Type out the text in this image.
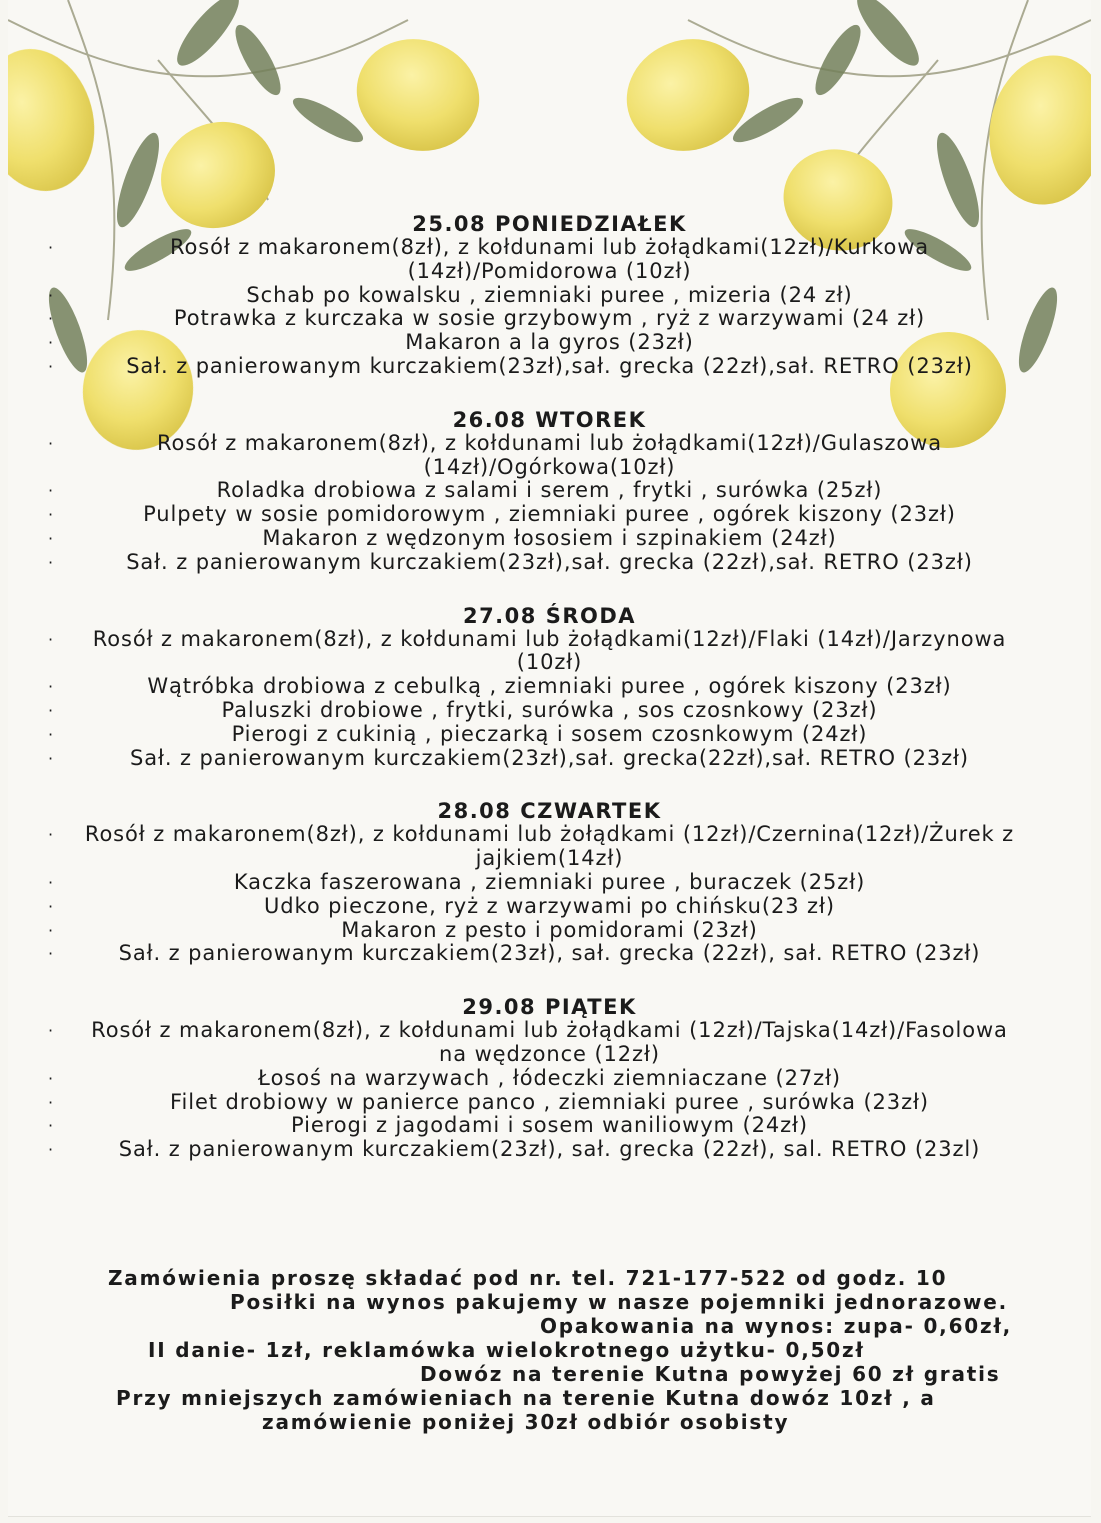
25.08 PONIEDZIAŁEK
·	Rosół z makaronem(8zł), z kołdunami lub żołądkami(12zł)/Kurkowa (14zł)/Pomidorowa (10zł)
·	Schab po kowalsku , ziemniaki puree , mizeria (24 zł)
·	Potrawka z kurczaka w sosie grzybowym , ryż z warzywami (24 zł)
·	Makaron a la gyros (23zł)
·	Sał. z panierowanym kurczakiem(23zł),sał. grecka (22zł),sał. RETRO (23zł)
26.08 WTOREK
·	Rosół z makaronem(8zł), z kołdunami lub żołądkami(12zł)/Gulaszowa (14zł)/Ogórkowa(10zł)
·	Roladka drobiowa z salami i serem , frytki , surówka (25zł)
·	Pulpety w sosie pomidorowym , ziemniaki puree , ogórek kiszony (23zł)
·	Makaron z wędzonym łososiem i szpinakiem (24zł)
·	Sał. z panierowanym kurczakiem(23zł),sał. grecka (22zł),sał. RETRO (23zł)
27.08 ŚRODA
· Rosół z makaronem(8zł), z kołdunami lub żołądkami(12zł)/Flaki (14zł)/Jarzynowa (10zł)
·	Wątróbka drobiowa z cebulką , ziemniaki puree , ogórek kiszony (23zł)
·	Paluszki drobiowe , frytki, surówka , sos czosnkowy (23zł)
·	Pierogi z cukinią , pieczarką i sosem czosnkowym (24zł)
·	Sał. z panierowanym kurczakiem(23zł),sał. grecka(22zł),sał. RETRO (23zł)
28.08 CZWARTEK
· Rosół z makaronem(8zł), z kołdunami lub żołądkami (12zł)/Czernina(12zł)/Żurek z jajkiem(14zł)
·	Kaczka faszerowana , ziemniaki puree , buraczek (25zł)
·	Udko pieczone, ryż z warzywami po chińsku(23 zł)
·	Makaron z pesto i pomidorami (23zł)
·	Sał. z panierowanym kurczakiem(23zł), sał. grecka (22zł), sał. RETRO (23zł)
29.08 PIĄTEK
· Rosół z makaronem(8zł), z kołdunami lub żołądkami (12zł)/Tajska(14zł)/Fasolowa na wędzonce (12zł)
·	Łosoś na warzywach , łódeczki ziemniaczane (27zł)
·	Filet drobiowy w panierce panco , ziemniaki puree , surówka (23zł)
·	Pierogi z jagodami i sosem waniliowym (24zł)
·	Sał. z panierowanym kurczakiem(23zł), sał. grecka (22zł), sal. RETRO (23zl)
Zamówienia proszę składać pod nr. tel. 721-177-522 od godz. 10
Posiłki na wynos pakujemy w nasze pojemniki jednorazowe.
Opakowania na wynos: zupa- 0,60zł,
II danie- 1zł, reklamówka wielokrotnego użytku- 0,50zł
Dowóz na terenie Kutna powyżej 60 zł gratis
Przy mniejszych zamówieniach na terenie Kutna dowóz 10zł , a
zamówienie poniżej 30zł odbiór osobisty
